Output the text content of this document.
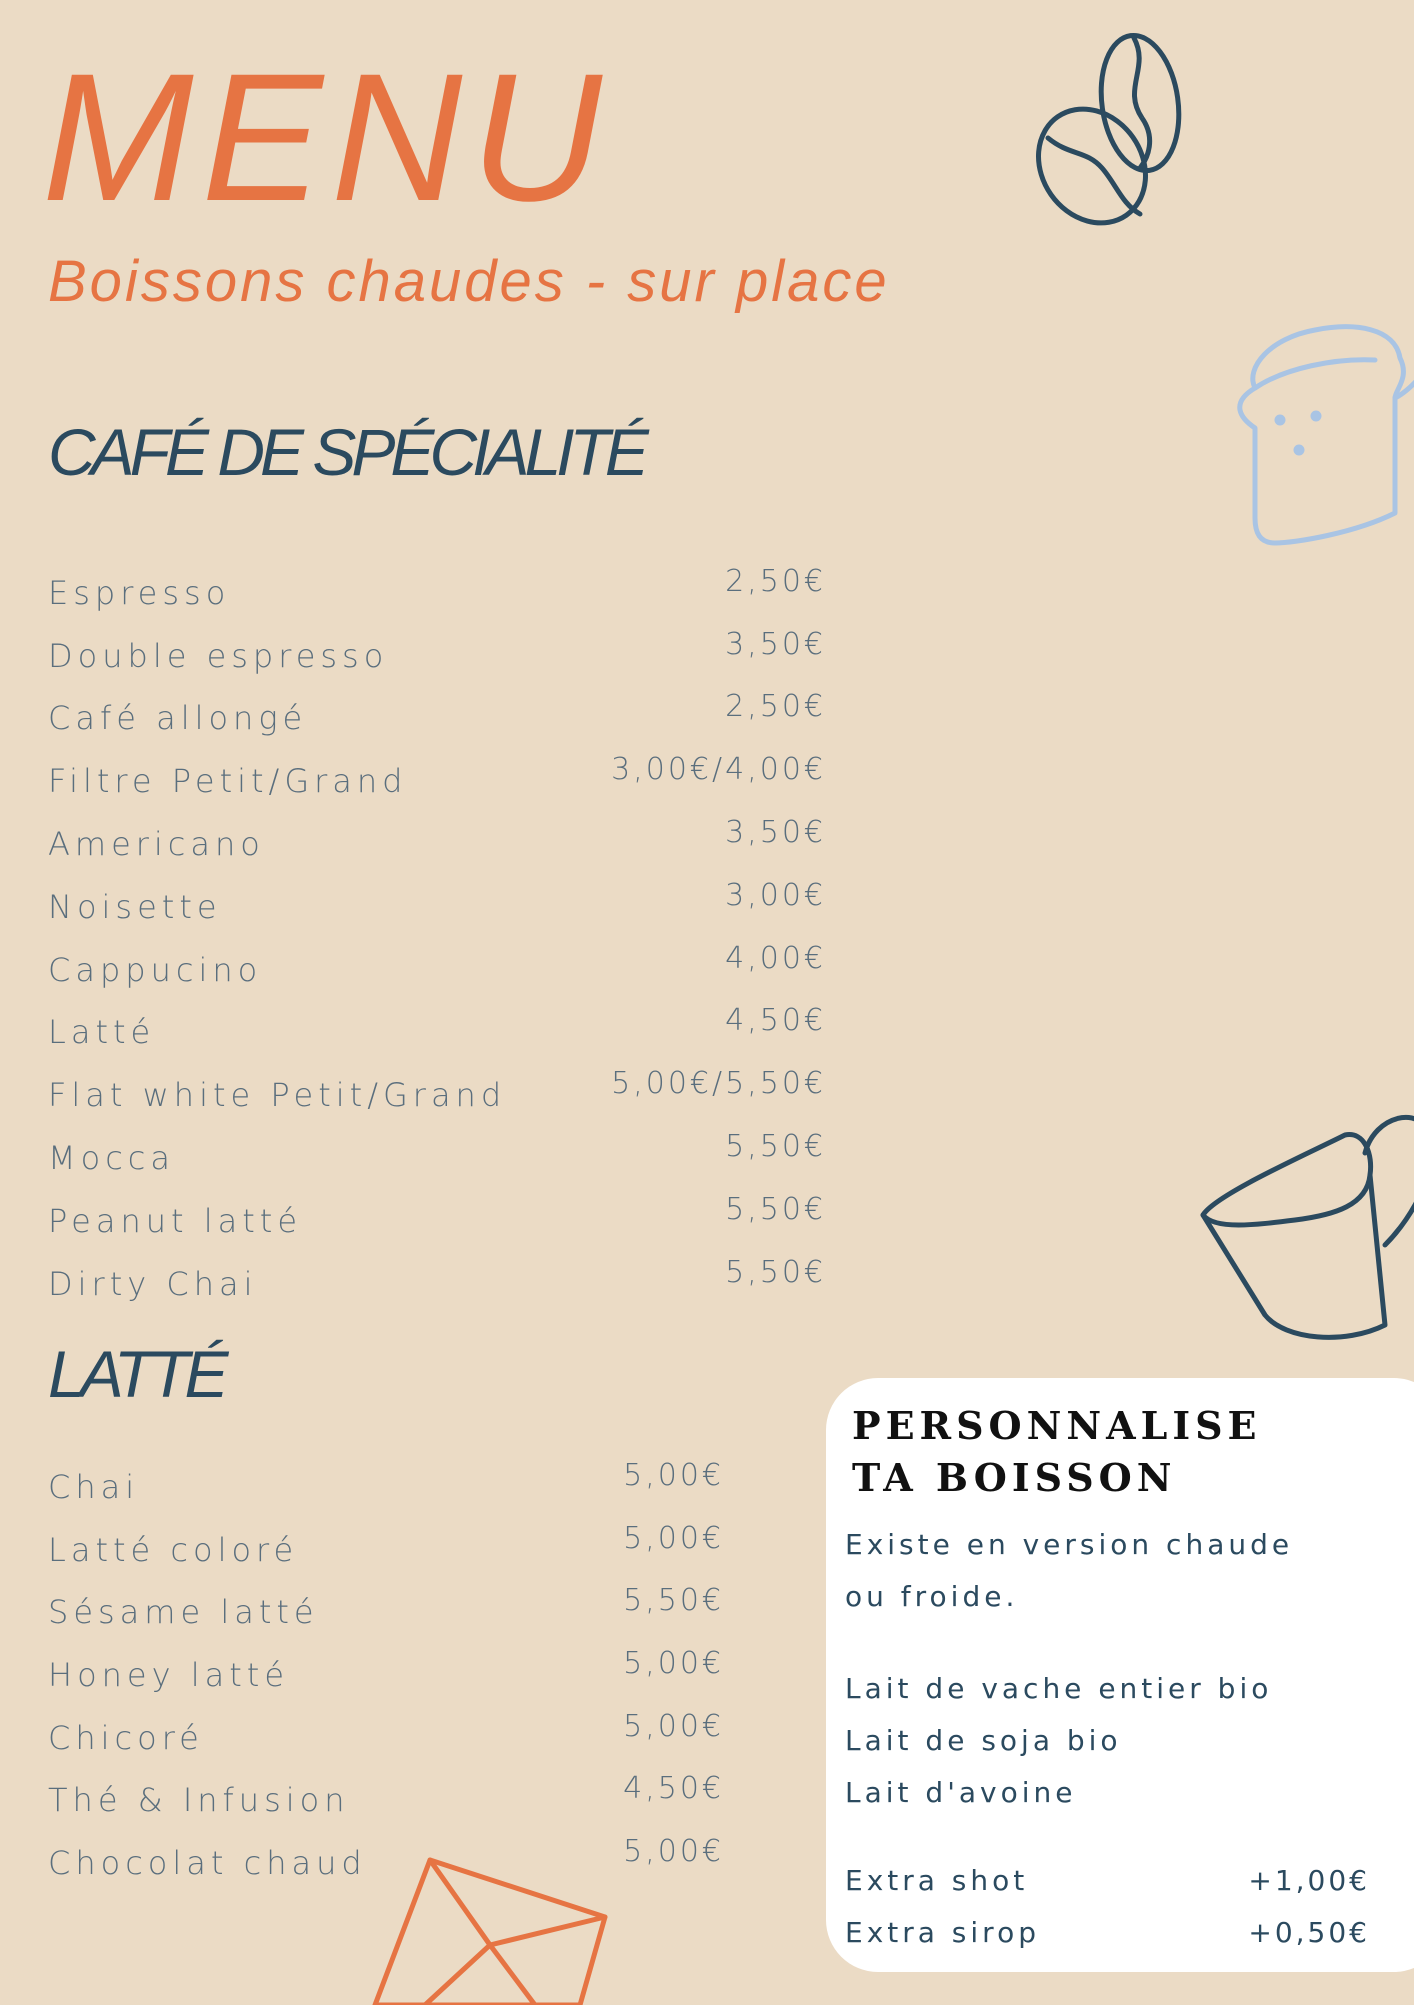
MENU
Boissons chaudes - sur place
CAFÉ DE SPÉCIALITÉ
Espresso	2,50€
Double espresso	3,50€
Café allongé	2,50€
Filtre Petit/Grand	3,00€/4,00€
Americano	3,50€
Noisette	3,00€
Cappucino	4,00€
Latté	4,50€
Flat white Petit/Grand	5,00€/5,50€
Mocca	5,50€
Peanut latté	5,50€
Dirty Chai	5,50€
LATTÉ
Chai	5,00€
Latté coloré	5,00€
Sésame latté	5,50€
Honey latté	5,00€
Chicoré	5,00€
Thé & Infusion	4,50€
Chocolat chaud	5,00€
PERSONNALISE
TA BOISSON
Existe en version chaude
ou froide.
Lait de vache entier bio
Lait de soja bio
Lait d'avoine
Extra shot	+1,00€
Extra sirop	+0,50€
